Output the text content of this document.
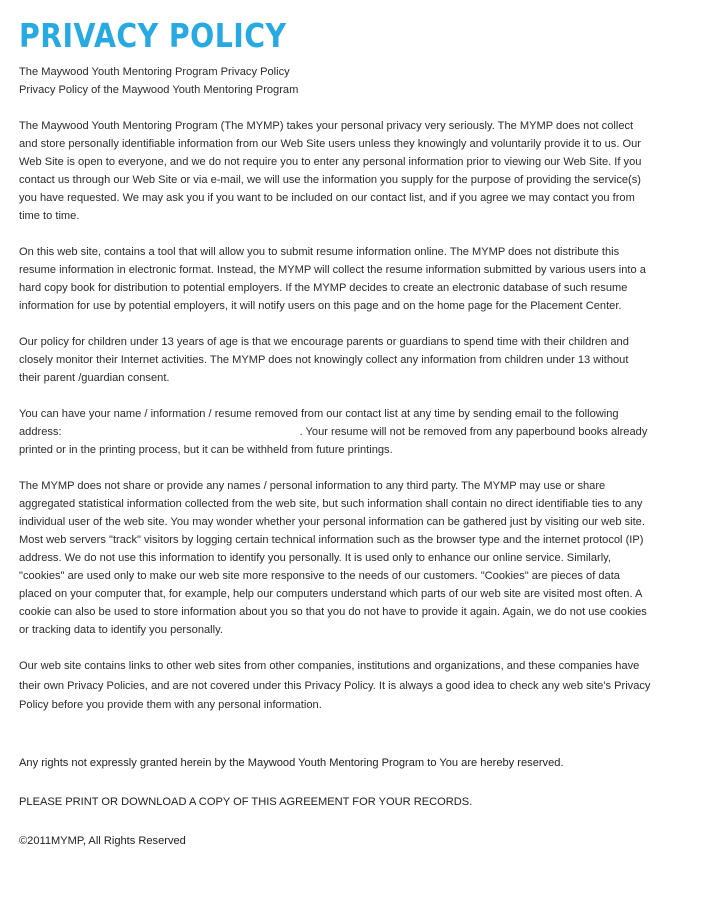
PRIVACY POLICY

The Maywood Youth Mentoring Program Privacy Policy

Privacy Policy of the Maywood Youth Mentoring Program

The Maywood Youth Mentoring Program (The MYMP) takes your personal privacy very seriously. The MYMP does not collect and store personally identifiable information from our Web Site users unless they knowingly and voluntarily provide it to us. Our Web Site is open to everyone, and we do not require you to enter any personal information prior to viewing our Web Site. If you contact us through our Web Site or via e-mail, we will use the information you supply for the purpose of providing the service(s) you have requested. We may ask you if you want to be included on our contact list, and if you agree we may contact you from time to time.

On this web site, contains a tool that will allow you to submit resume information online. The MYMP does not distribute this resume information in electronic format. Instead, the MYMP will collect the resume information submitted by various users into a hard copy book for distribution to potential employers. If the MYMP decides to create an electronic database of such resume information for use by potential employers, it will notify users on this page and on the home page for the Placement Center.

Our policy for children under 13 years of age is that we encourage parents or guardians to spend time with their children and closely monitor their Internet activities. The MYMP does not knowingly collect any information from children under 13 without their parent /guardian consent.

You can have your name / information / resume removed from our contact list at any time by sending email to the following address:	. Your resume will not be removed from any paperbound books already printed or in the printing process, but it can be withheld from future printings.

The MYMP does not share or provide any names / personal information to any third party. The MYMP may use or share aggregated statistical information collected from the web site, but such information shall contain no direct identifiable ties to any individual user of the web site. You may wonder whether your personal information can be gathered just by visiting our web site. Most web servers "track" visitors by logging certain technical information such as the browser type and the internet protocol (IP) address. We do not use this information to identify you personally. It is used only to enhance our online service. Similarly, "cookies" are used only to make our web site more responsive to the needs of our customers. "Cookies" are pieces of data placed on your computer that, for example, help our computers understand which parts of our web site are visited most often. A cookie can also be used to store information about you so that you do not have to provide it again. Again, we do not use cookies or tracking data to identify you personally.

Our web site contains links to other web sites from other companies, institutions and organizations, and these companies have their own Privacy Policies, and are not covered under this Privacy Policy. It is always a good idea to check any web site's Privacy Policy before you provide them with any personal information.

Any rights not expressly granted herein by the Maywood Youth Mentoring Program to You are hereby reserved.
PLEASE PRINT OR DOWNLOAD A COPY OF THIS AGREEMENT FOR YOUR RECORDS.
©2011MYMP, All Rights Reserved
